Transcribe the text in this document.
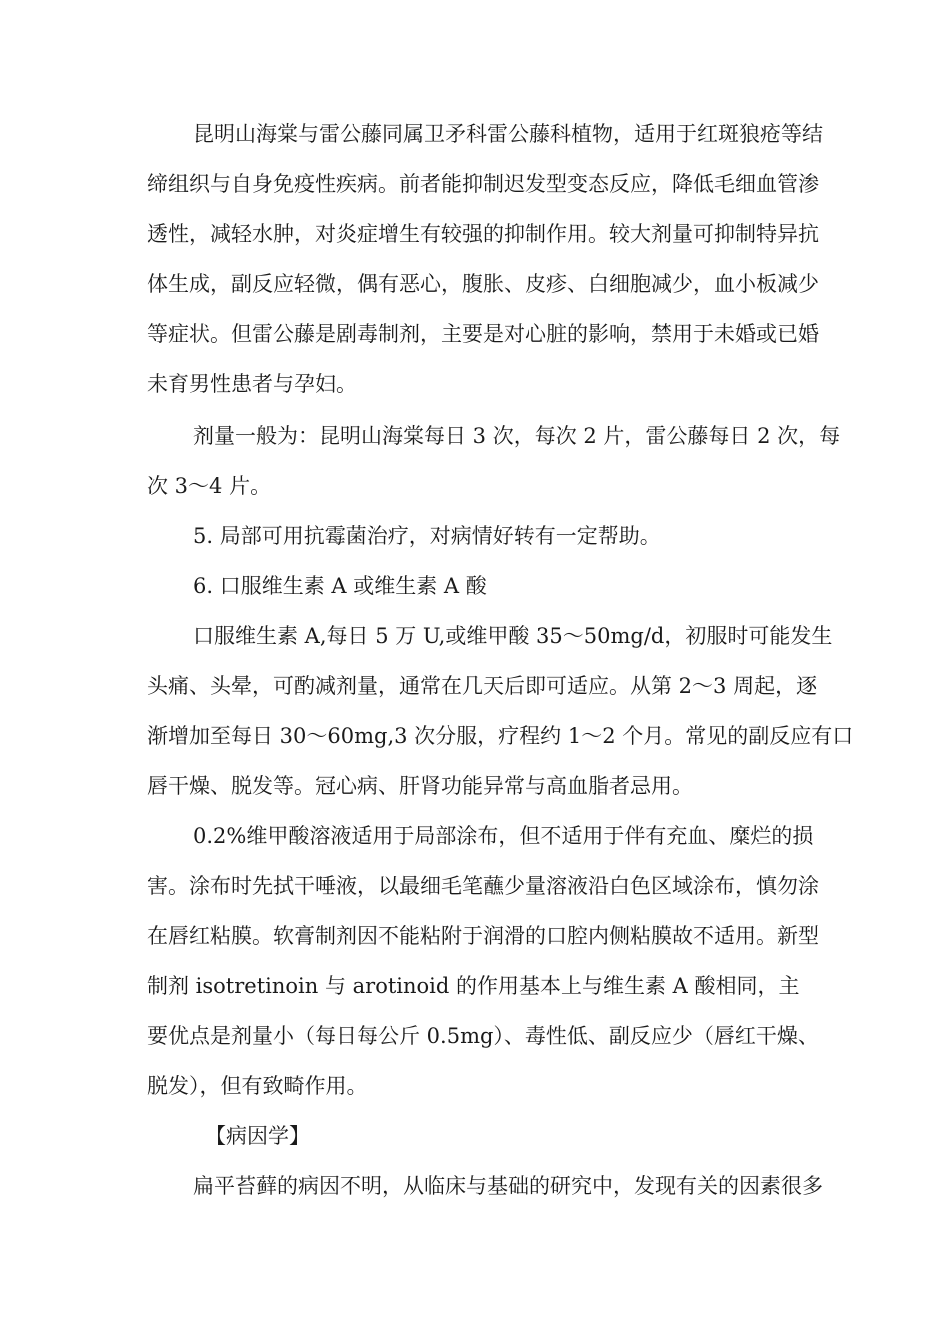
昆明山海棠与雷公藤同属卫矛科雷公藤科植物，适用于红斑狼疮等结
缔组织与自身免疫性疾病。前者能抑制迟发型变态反应，降低毛细血管渗
透性，减轻水肿，对炎症增生有较强的抑制作用。较大剂量可抑制特异抗
体生成，副反应轻微，偶有恶心，腹胀、皮疹、白细胞减少，血小板减少
等症状。但雷公藤是剧毒制剂，主要是对心脏的影响，禁用于未婚或已婚
未育男性患者与孕妇。
剂量一般为：昆明山海棠每日 3 次，每次 2 片，雷公藤每日 2 次，每
次 3～4 片。
5. 局部可用抗霉菌治疗，对病情好转有一定帮助。
6. 口服维生素 A 或维生素 A 酸
口服维生素 A,每日 5 万 U,或维甲酸 35～50mg/d，初服时可能发生
头痛、头晕，可酌减剂量，通常在几天后即可适应。从第 2～3 周起，逐
渐增加至每日 30～60mg,3 次分服，疗程约 1～2 个月。常见的副反应有口
唇干燥、脱发等。冠心病、肝肾功能异常与高血脂者忌用。
0.2%维甲酸溶液适用于局部涂布，但不适用于伴有充血、糜烂的损
害。涂布时先拭干唾液，以最细毛笔蘸少量溶液沿白色区域涂布，慎勿涂
在唇红粘膜。软膏制剂因不能粘附于润滑的口腔内侧粘膜故不适用。新型
制剂 isotretinoin 与 arotinoid 的作用基本上与维生素 A 酸相同，主
要优点是剂量小（每日每公斤 0.5mg）、毒性低、副反应少（唇红干燥、
脱发），但有致畸作用。
【病因学】
扁平苔藓的病因不明，从临床与基础的研究中，发现有关的因素很多
